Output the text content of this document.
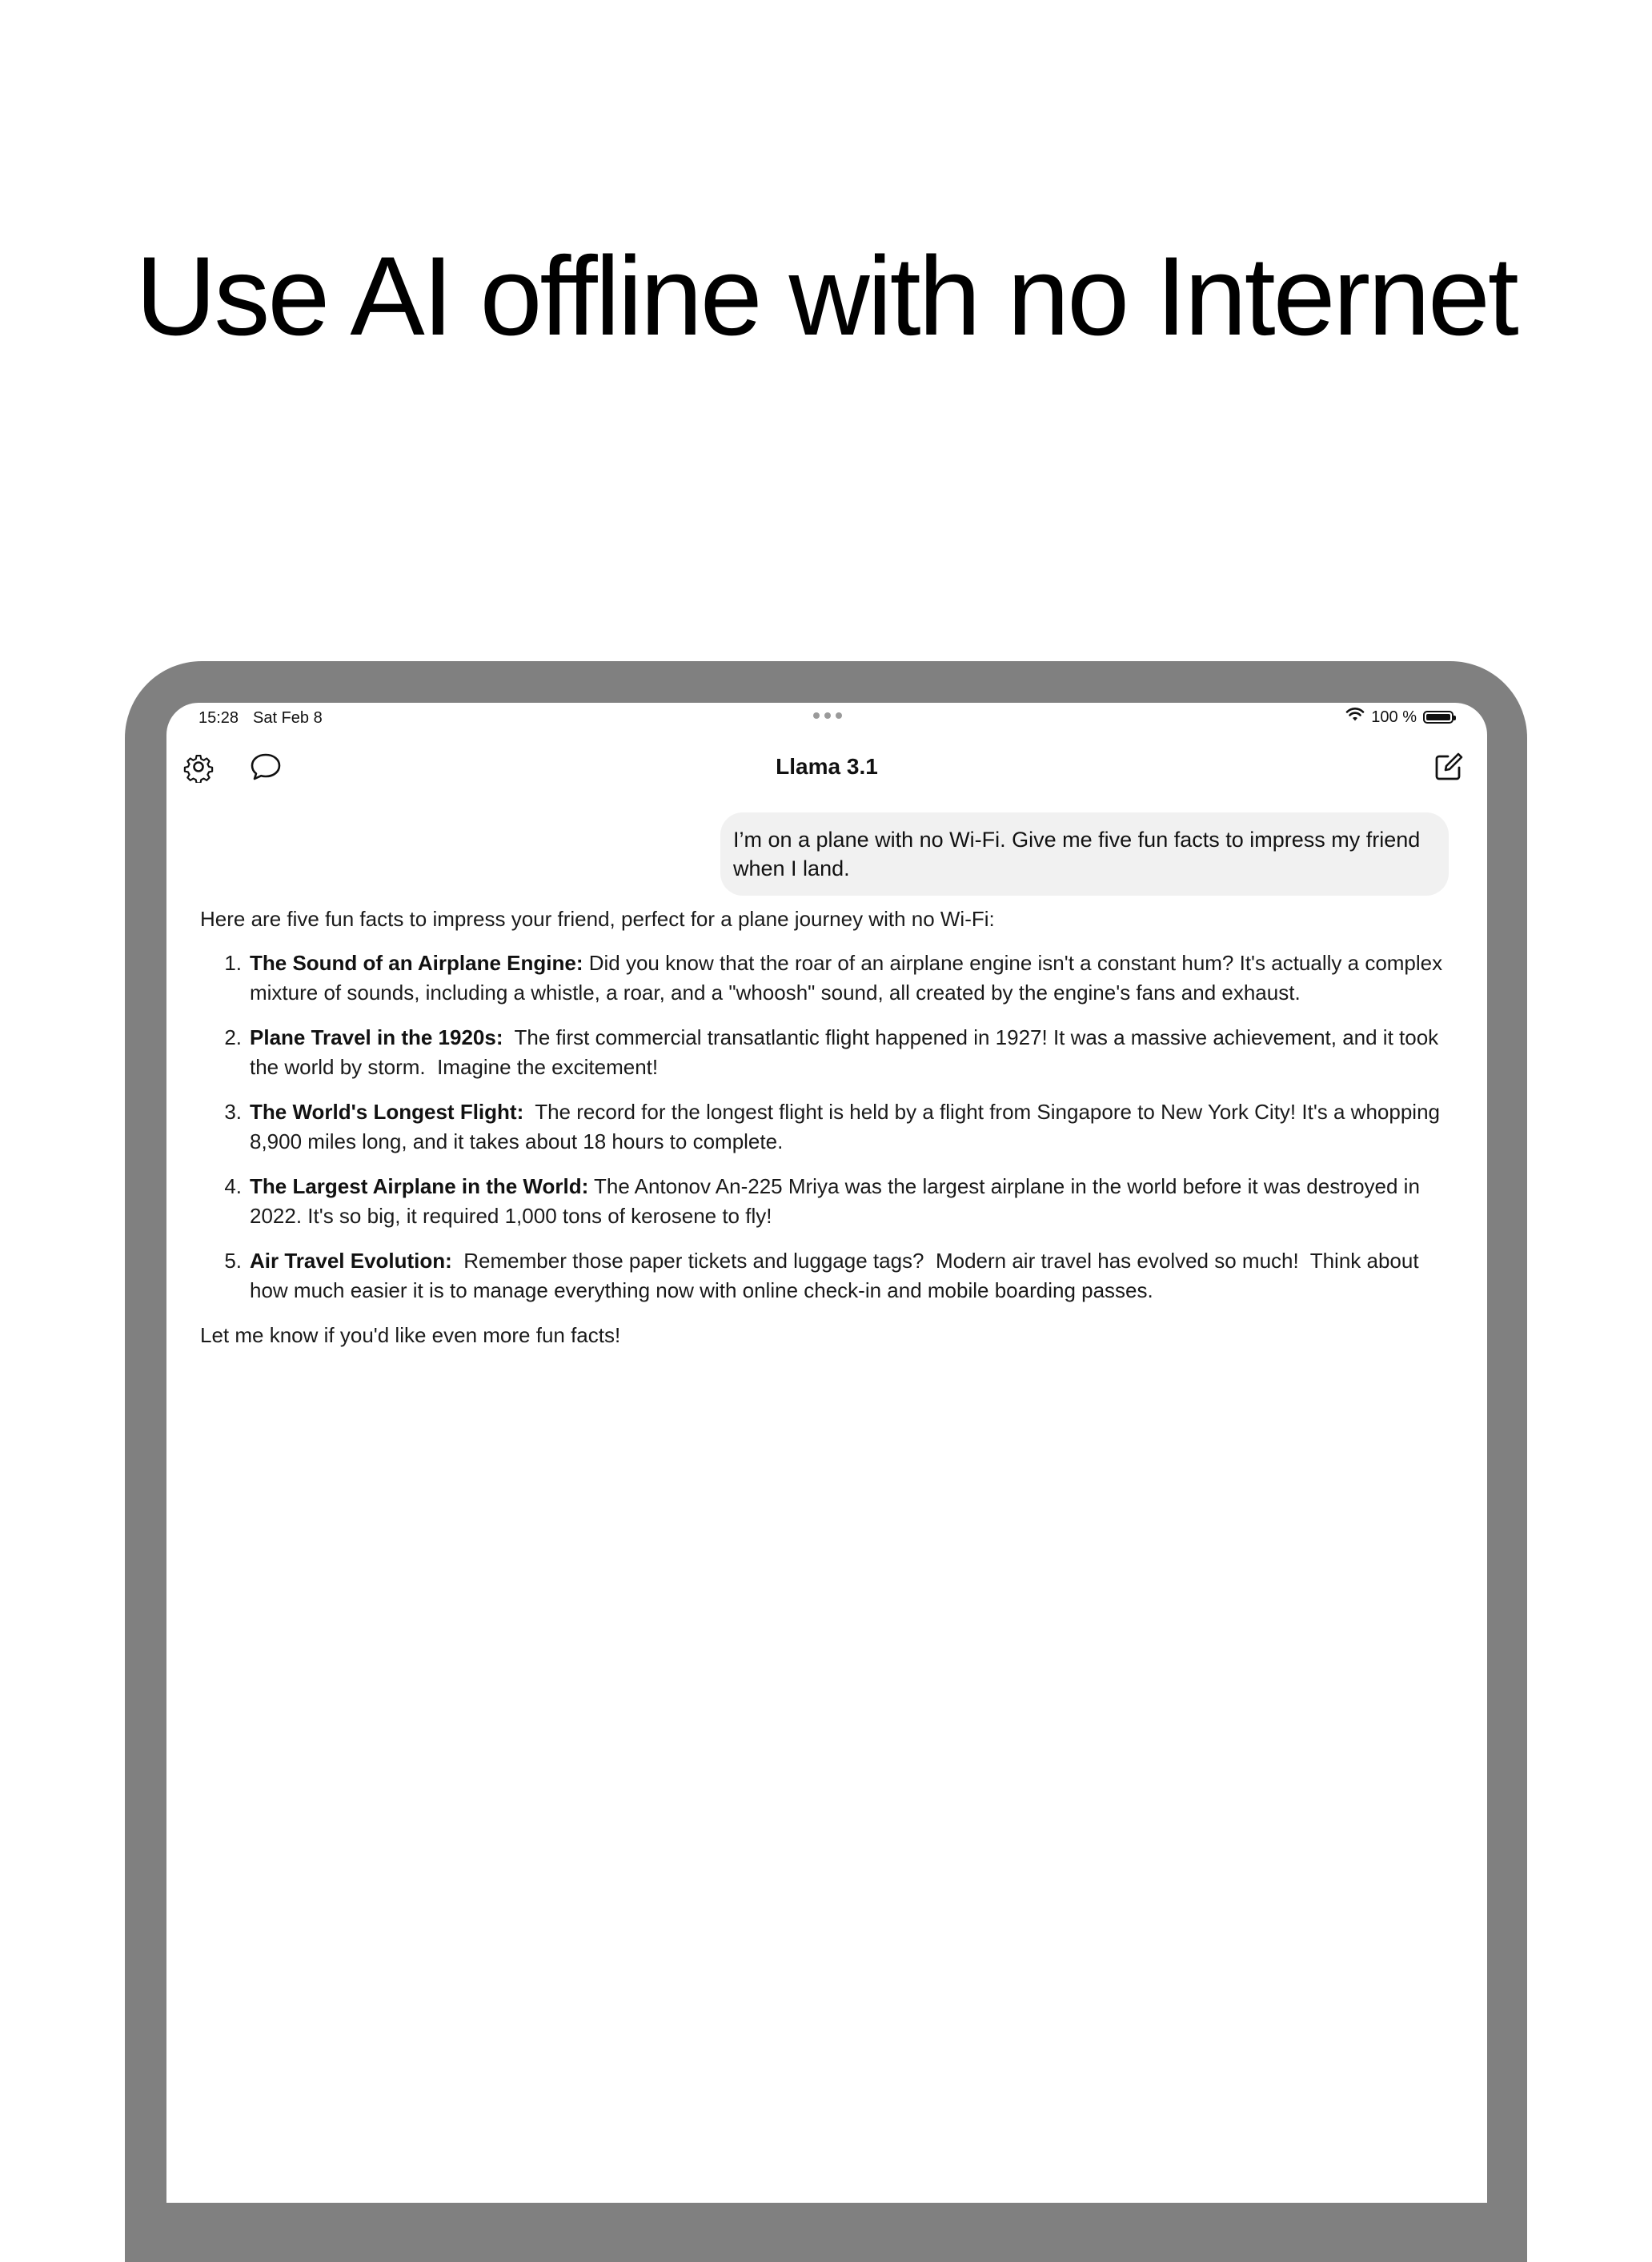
Use AI offline with no Internet
15:28 Sat Feb 8	100 %
Llama 3.1
I’m on a plane with no Wi-Fi. Give me five fun facts to impress my friend when I land.

Here are five fun facts to impress your friend, perfect for a plane journey with no Wi-Fi:

1. The Sound of an Airplane Engine: Did you know that the roar of an airplane engine isn't a constant hum? It's actually a complex mixture of sounds, including a whistle, a roar, and a "whoosh" sound, all created by the engine's fans and exhaust.
2. Plane Travel in the 1920s:  The first commercial transatlantic flight happened in 1927! It was a massive achievement, and it took the world by storm.  Imagine the excitement!
3. The World's Longest Flight:  The record for the longest flight is held by a flight from Singapore to New York City! It's a whopping 8,900 miles long, and it takes about 18 hours to complete.
4. The Largest Airplane in the World: The Antonov An-225 Mriya was the largest airplane in the world before it was destroyed in 2022. It's so big, it required 1,000 tons of kerosene to fly!
5. Air Travel Evolution:  Remember those paper tickets and luggage tags?  Modern air travel has evolved so much!  Think about how much easier it is to manage everything now with online check-in and mobile boarding passes.

Let me know if you'd like even more fun facts!
